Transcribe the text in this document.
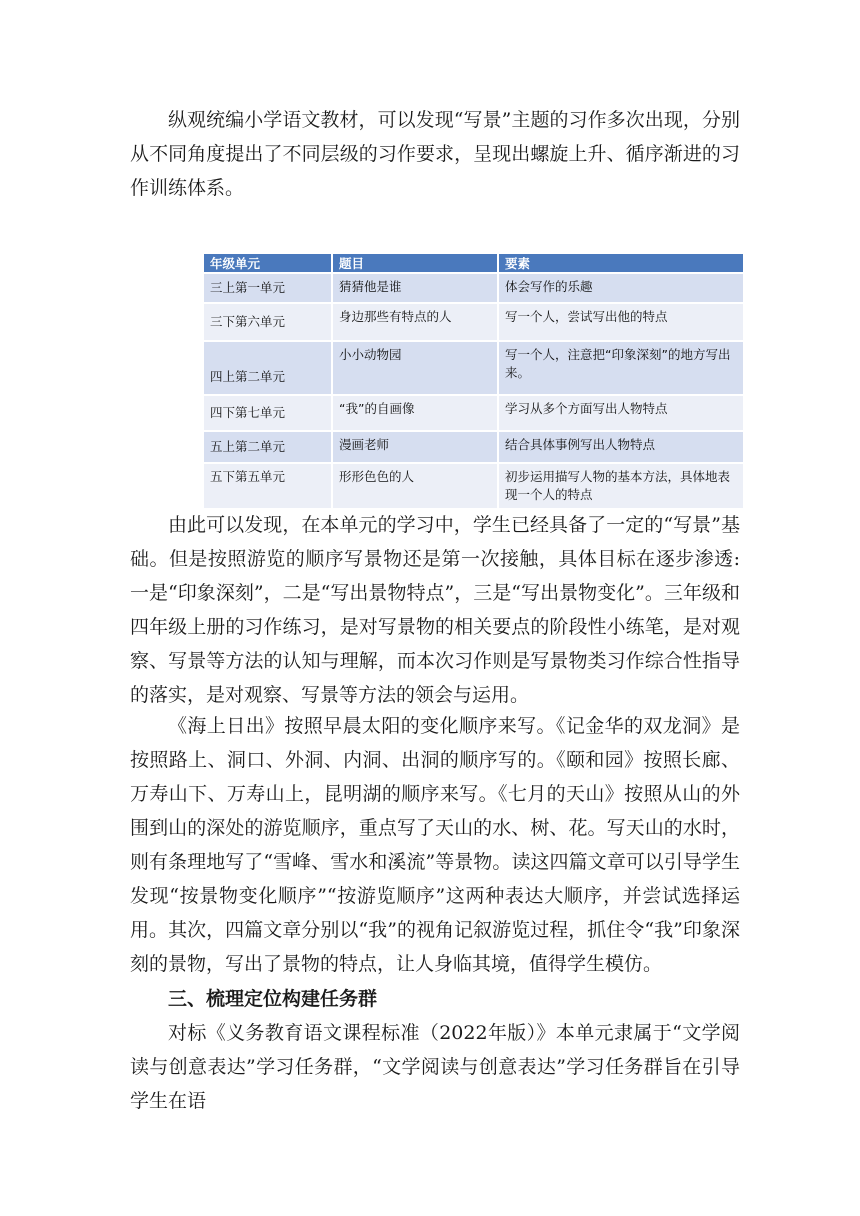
纵观统编小学语文教材，可以发现“写景”主题的习作多次出现，分别从不同角度提出了不同层级的习作要求，呈现出螺旋上升、循序渐进的习作训练体系。

年级单元	题目	要素
三上第一单元	猜猜他是谁	体会写作的乐趣
三下第六单元	身边那些有特点的人	写一个人，尝试写出他的特点
四上第二单元	小小动物园	写一个人，注意把“印象深刻”的地方写出来。
四下第七单元	“我”的自画像	学习从多个方面写出人物特点
五上第二单元	漫画老师	结合具体事例写出人物特点
五下第五单元	形形色色的人	初步运用描写人物的基本方法，具体地表现一个人的特点

由此可以发现，在本单元的学习中，学生已经具备了一定的“写景”基础。但是按照游览的顺序写景物还是第一次接触，具体目标在逐步渗透:一是“印象深刻”，二是“写出景物特点”，三是“写出景物变化”。三年级和四年级上册的习作练习，是对写景物的相关要点的阶段性小练笔，是对观察、写景等方法的认知与理解，而本次习作则是写景物类习作综合性指导的落实，是对观察、写景等方法的领会与运用。

《海上日出》按照早晨太阳的变化顺序来写。《记金华的双龙洞》是按照路上、洞口、外洞、内洞、出洞的顺序写的。《颐和园》按照长廊、万寿山下、万寿山上，昆明湖的顺序来写。《七月的天山》按照从山的外围到山的深处的游览顺序，重点写了天山的水、树、花。写天山的水时，则有条理地写了“雪峰、雪水和溪流”等景物。读这四篇文章可以引导学生发现“按景物变化顺序”“按游览顺序”这两种表达大顺序，并尝试选择运用。其次，四篇文章分别以“我”的视角记叙游览过程，抓住令“我”印象深刻的景物，写出了景物的特点，让人身临其境，值得学生模仿。

三、梳理定位构建任务群

对标《义务教育语文课程标准（2022年版）》本单元隶属于“文学阅读与创意表达”学习任务群，“文学阅读与创意表达”学习任务群旨在引导学生在语
